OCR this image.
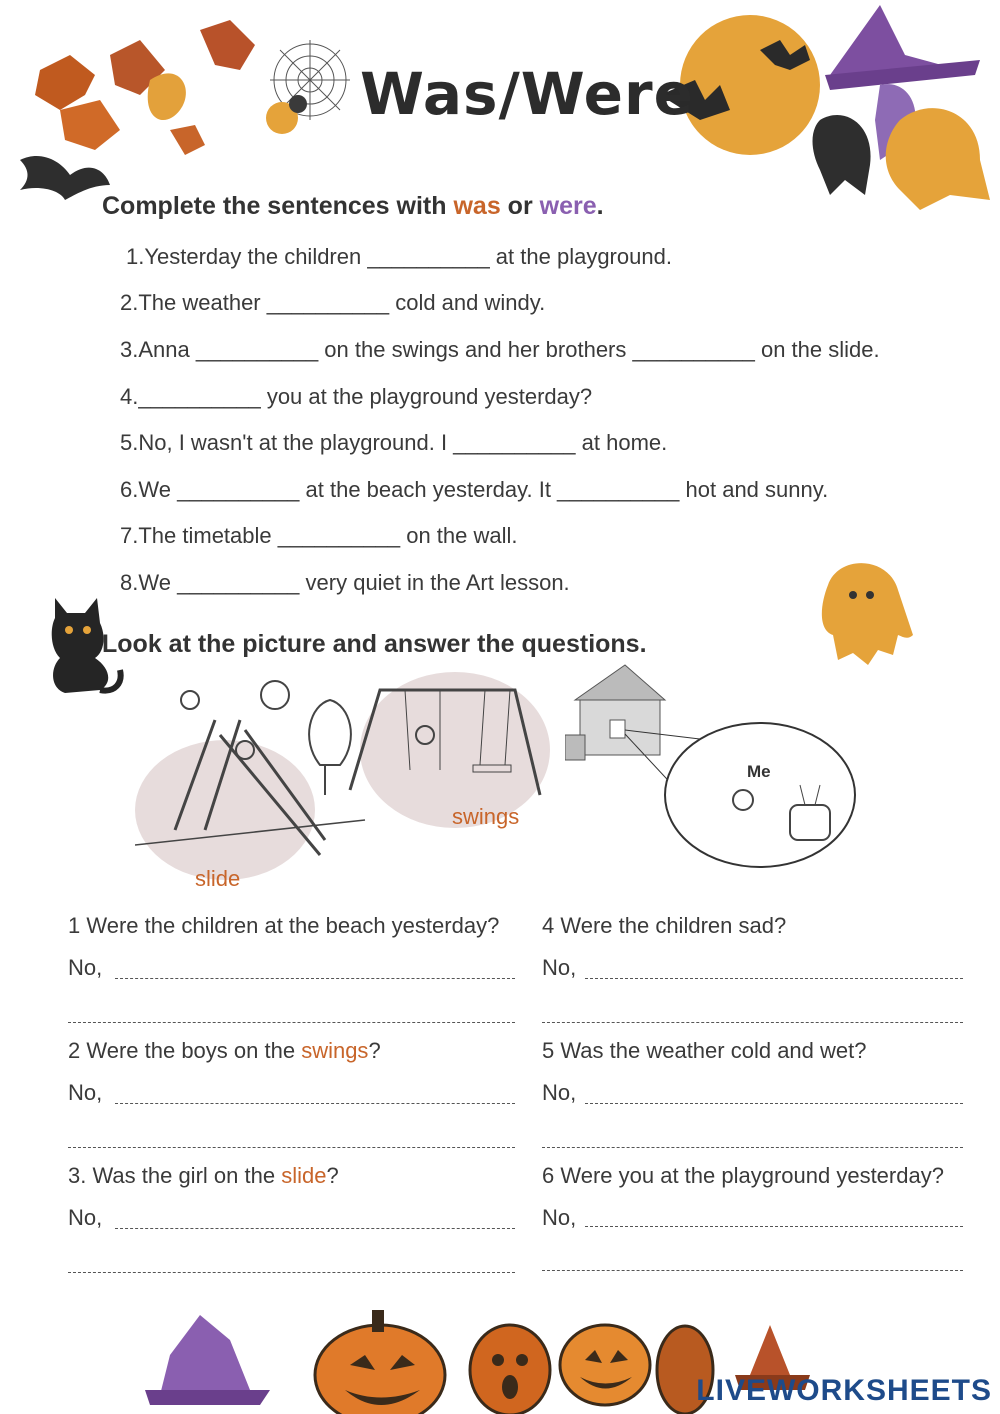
Was/Were
Complete the sentences with was or were.
1.Yesterday the children __________ at the playground.
2.The weather __________ cold and windy.
3.Anna __________ on the swings and her brothers __________ on the slide.
4.__________ you at the playground yesterday?
5.No, I wasn't at the playground. I __________ at home.
6.We __________ at the beach yesterday. It __________ hot and sunny.
7.The timetable __________ on the wall.
8.We __________ very quiet in the Art lesson.
Look at the picture and answer the questions.
slide
swings
Me
1 Were the children at the beach yesterday?
No,
2 Were the boys on the swings?
No,
3. Was the girl on the slide?
No,
4 Were the children sad?
No,
5 Was the weather cold and wet?
No,
6 Were you at the playground yesterday?
No,
LIVEWORKSHEETS
